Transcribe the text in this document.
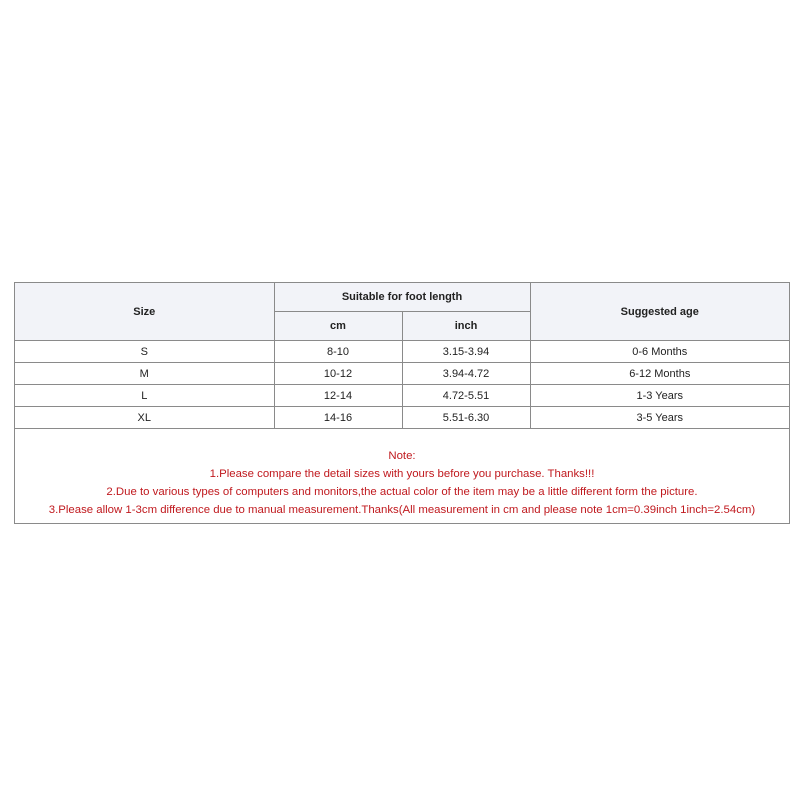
Size	Suitable for foot length		Suggested age
	cm	inch	
S	8-10	3.15-3.94	0-6 Months
M	10-12	3.94-4.72	6-12 Months
L	12-14	4.72-5.51	1-3 Years
XL	14-16	5.51-6.30	3-5 Years
Note:
1.Please compare the detail sizes with yours before you purchase. Thanks!!!
2.Due to various types of computers and monitors,the actual color of the item may be a little different form the picture.
3.Please allow 1-3cm difference due to manual measurement.Thanks(All measurement in cm and please note 1cm=0.39inch 1inch=2.54cm)
